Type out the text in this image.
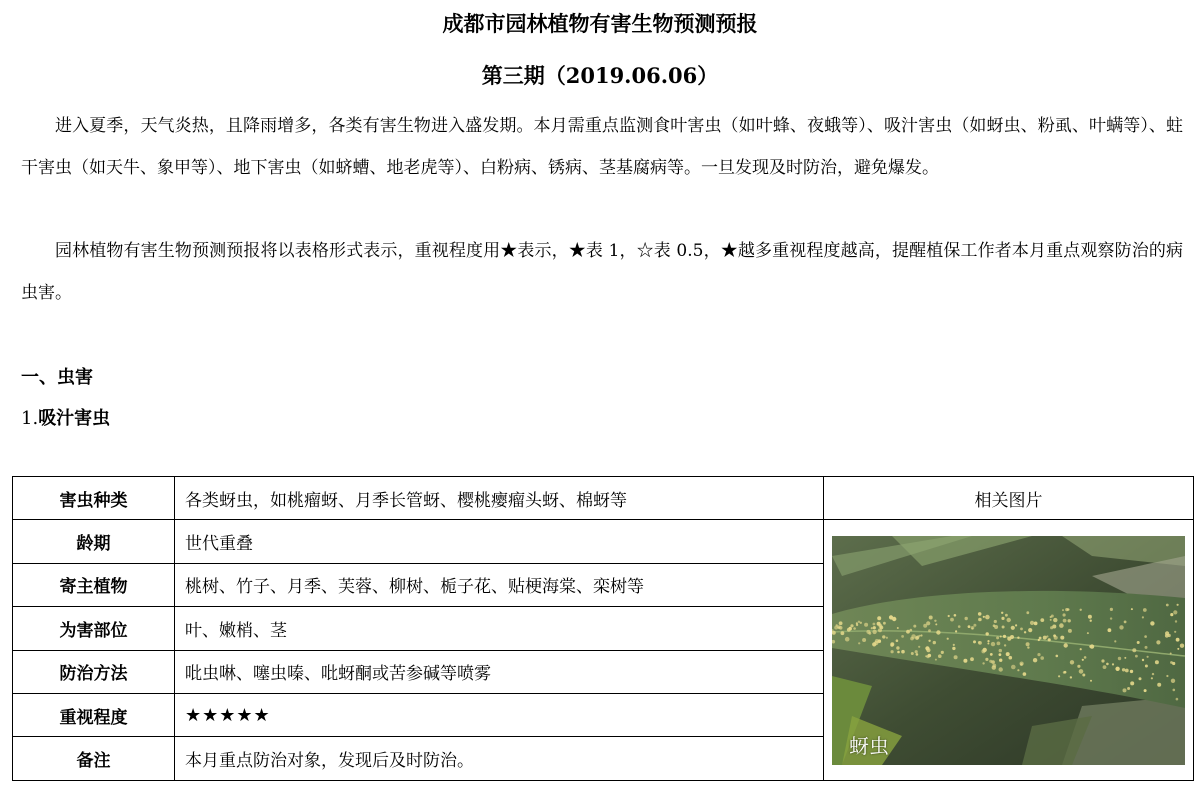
成都市园林植物有害生物预测预报
第三期（2019.06.06）
进入夏季，天气炎热，且降雨增多，各类有害生物进入盛发期。本月需重点监测食叶害虫（如叶蜂、夜蛾等）、吸汁害虫（如蚜虫、粉虱、叶螨等）、蛀干害虫（如天牛、象甲等）、地下害虫（如蛴螬、地老虎等）、白粉病、锈病、茎基腐病等。一旦发现及时防治，避免爆发。
园林植物有害生物预测预报将以表格形式表示，重视程度用★表示，★表 1，☆表 0.5，★越多重视程度越高，提醒植保工作者本月重点观察防治的病虫害。
一、虫害
1.吸汁害虫
害虫种类	各类蚜虫，如桃瘤蚜、月季长管蚜、樱桃瘿瘤头蚜、棉蚜等	相关图片
龄期	世代重叠	蚜虫

寄主植物	桃树、竹子、月季、芙蓉、柳树、栀子花、贴梗海棠、栾树等	
为害部位	叶、嫩梢、茎	
防治方法	吡虫啉、噻虫嗪、吡蚜酮或苦参碱等喷雾	
重视程度	★★★★★	
备注	本月重点防治对象，发现后及时防治。	
